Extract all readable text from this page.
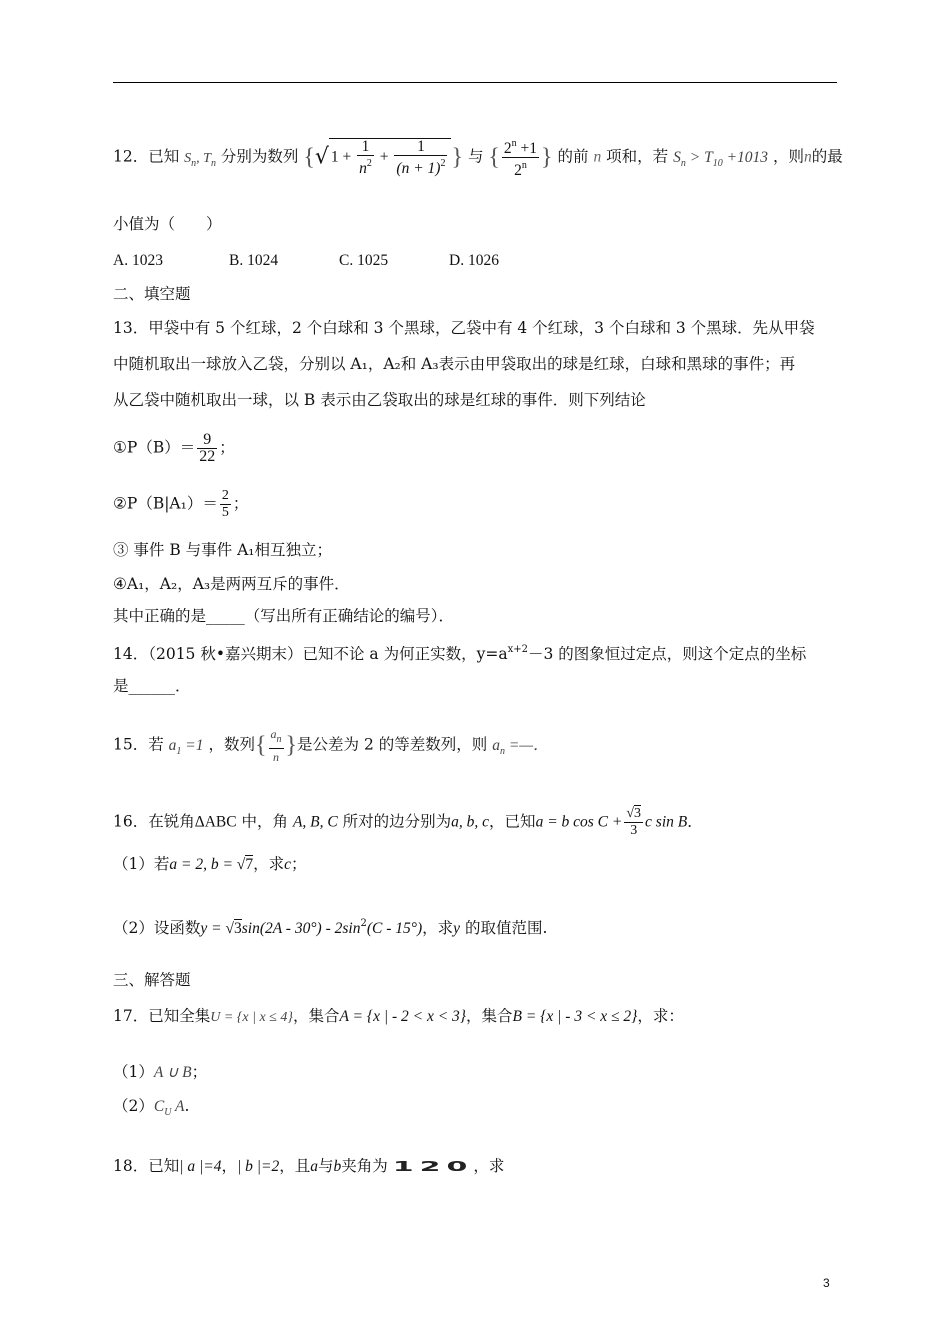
12．已知 $S_n$, $T_n$ 分别为数列 {√ $1 + \frac{1}{n^2} + \frac{1}{(n + 1)^2}$ } 与 { $\frac{2^n +1}{2^n}$ } 的前 n 项和，若 $S_n > T_{10} +1013$ ，则n的最
小值为（　　）
A. 1023	B. 1024	C. 1025	D. 1026
二、填空题
13．甲袋中有 5 个红球，2 个白球和 3 个黑球，乙袋中有 4 个红球，3 个白球和 3 个黑球．先从甲袋
中随机取出一球放入乙袋，分别以 A₁，A₂和 A₃表示由甲袋取出的球是红球，白球和黑球的事件；再
从乙袋中随机取出一球，以 B 表示由乙袋取出的球是红球的事件．则下列结论
①P（B）＝ $\frac{9}{22}$ ；
②P（B|A₁）＝ $\frac{2}{5}$ ；
③ 事件 B 与事件 A₁相互独立；
④A₁，A₂，A₃是两两互斥的事件．
其中正确的是_____（写出所有正确结论的编号）．
14．（2015 秋•嘉兴期末）已知不论 a 为何正实数，$y=a^{x+2}-3$ 的图象恒过定点，则这个定点的坐标
是______．
15．若 $a_1 =1$ ，数列{ $\frac{a_n}{n}$ }是公差为 2 的等差数列，则 $a_n$ =—．
16．在锐角ΔABC 中，角 A, B, C 所对的边分别为a, b, c，已知a = b $\cos C + \frac{√3}{3}$ c sin B．
（1）若a = 2, b = √7，求c；
（2）设函数$y = √3\sin(2A - 30^\circ) - 2\sin^2(C - 15^\circ)$，求y 的取值范围.
三、解答题
17．已知全集U = {x | x ≤ 4}，集合A = {x | - 2 < x < 3}，集合B = {x | - 3 < x ≤ 2}，求：
（1）A ∪ B；
$(2)C_U$ A.
18．已知| a |=4，| b |=2，且a与b夹角为 120，求
3
